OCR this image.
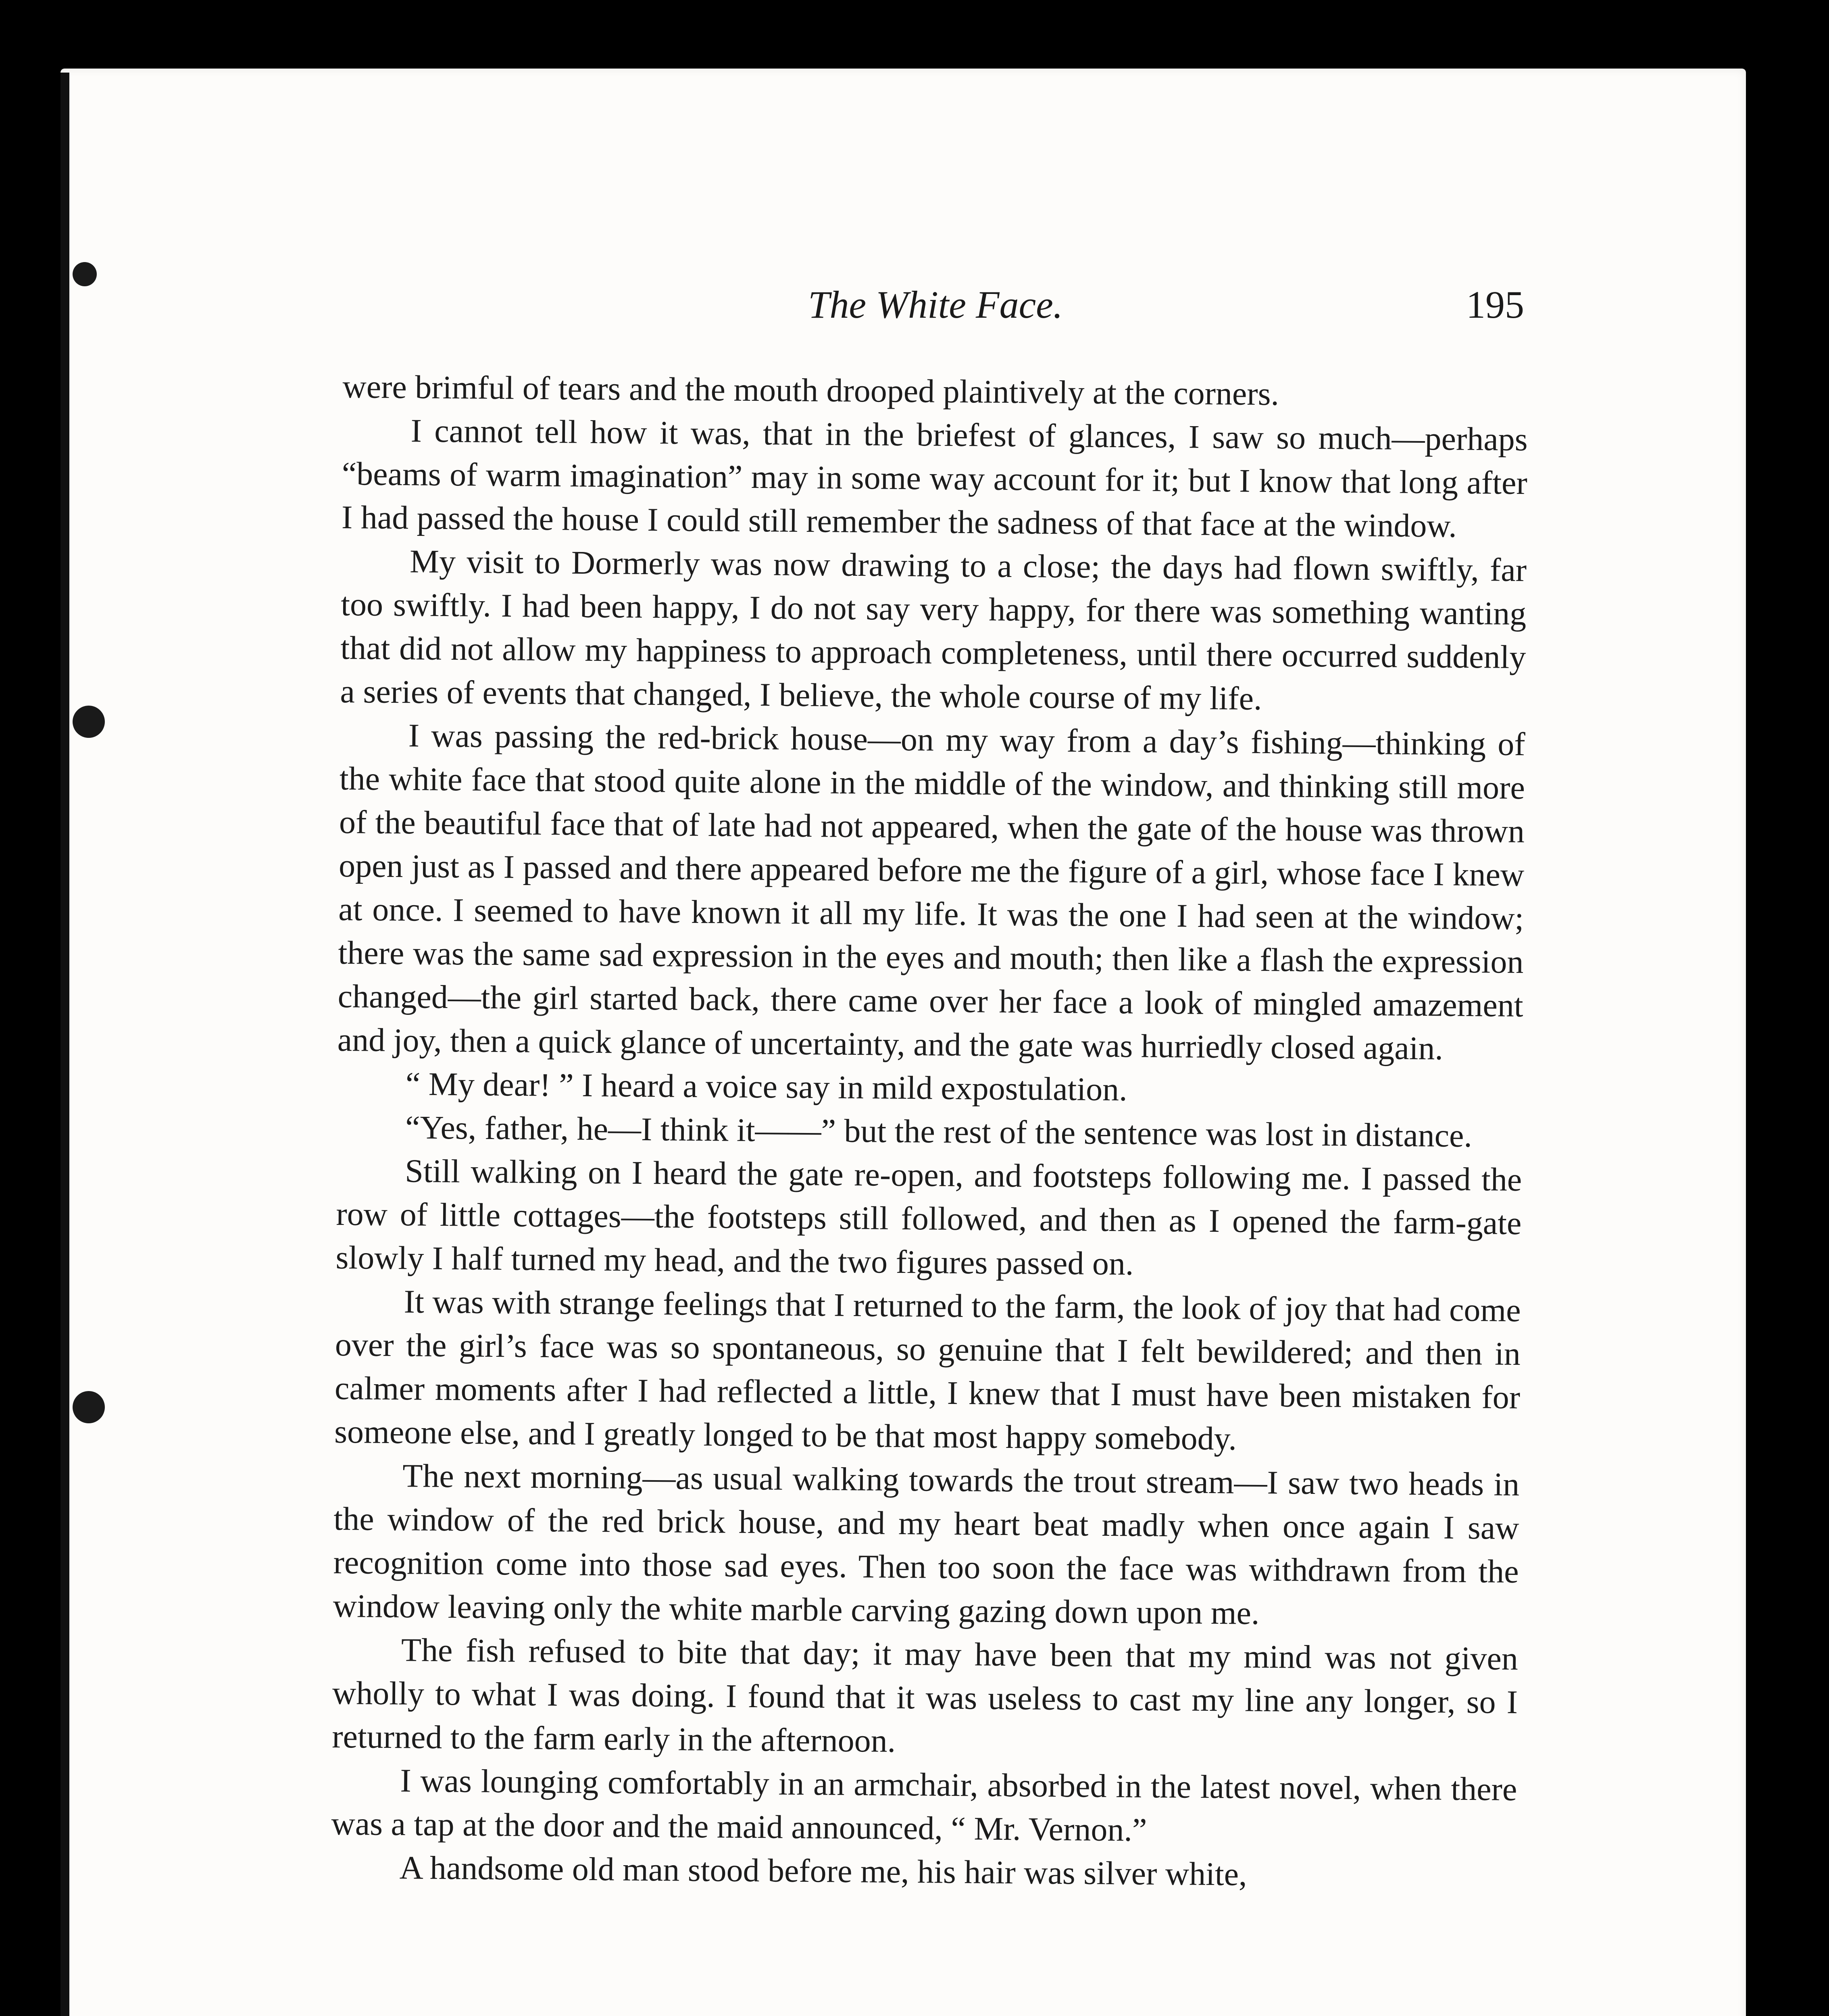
The White Face.	195

were brimful of tears and the mouth drooped plaintively at the corners.

I cannot tell how it was, that in the briefest of glances, I saw so much—perhaps “beams of warm imagination” may in some way account for it; but I know that long after I had passed the house I could still remember the sadness of that face at the window.

My visit to Dormerly was now drawing to a close; the days had flown swiftly, far too swiftly. I had been happy, I do not say very happy, for there was something wanting that did not allow my happiness to approach completeness, until there occurred suddenly a series of events that changed, I believe, the whole course of my life.

I was passing the red-brick house—on my way from a day’s fishing—thinking of the white face that stood quite alone in the middle of the window, and thinking still more of the beautiful face that of late had not appeared, when the gate of the house was thrown open just as I passed and there appeared before me the figure of a girl, whose face I knew at once. I seemed to have known it all my life. It was the one I had seen at the window; there was the same sad expression in the eyes and mouth; then like a flash the expression changed—the girl started back, there came over her face a look of mingled amazement and joy, then a quick glance of uncertainty, and the gate was hurriedly closed again.

“ My dear! ” I heard a voice say in mild expostulation.

“Yes, father, he—I think it——” but the rest of the sentence was lost in distance.

Still walking on I heard the gate re-open, and footsteps following me. I passed the row of little cottages—the footsteps still followed, and then as I opened the farm-gate slowly I half turned my head, and the two figures passed on.

It was with strange feelings that I returned to the farm, the look of joy that had come over the girl’s face was so spontaneous, so genuine that I felt bewildered; and then in calmer moments after I had reflected a little, I knew that I must have been mistaken for someone else, and I greatly longed to be that most happy somebody.

The next morning—as usual walking towards the trout stream—I saw two heads in the window of the red brick house, and my heart beat madly when once again I saw recognition come into those sad eyes. Then too soon the face was withdrawn from the window leaving only the white marble carving gazing down upon me.

The fish refused to bite that day; it may have been that my mind was not given wholly to what I was doing. I found that it was useless to cast my line any longer, so I returned to the farm early in the afternoon.

I was lounging comfortably in an armchair, absorbed in the latest novel, when there was a tap at the door and the maid announced, “ Mr. Vernon.”

A handsome old man stood before me, his hair was silver white,
